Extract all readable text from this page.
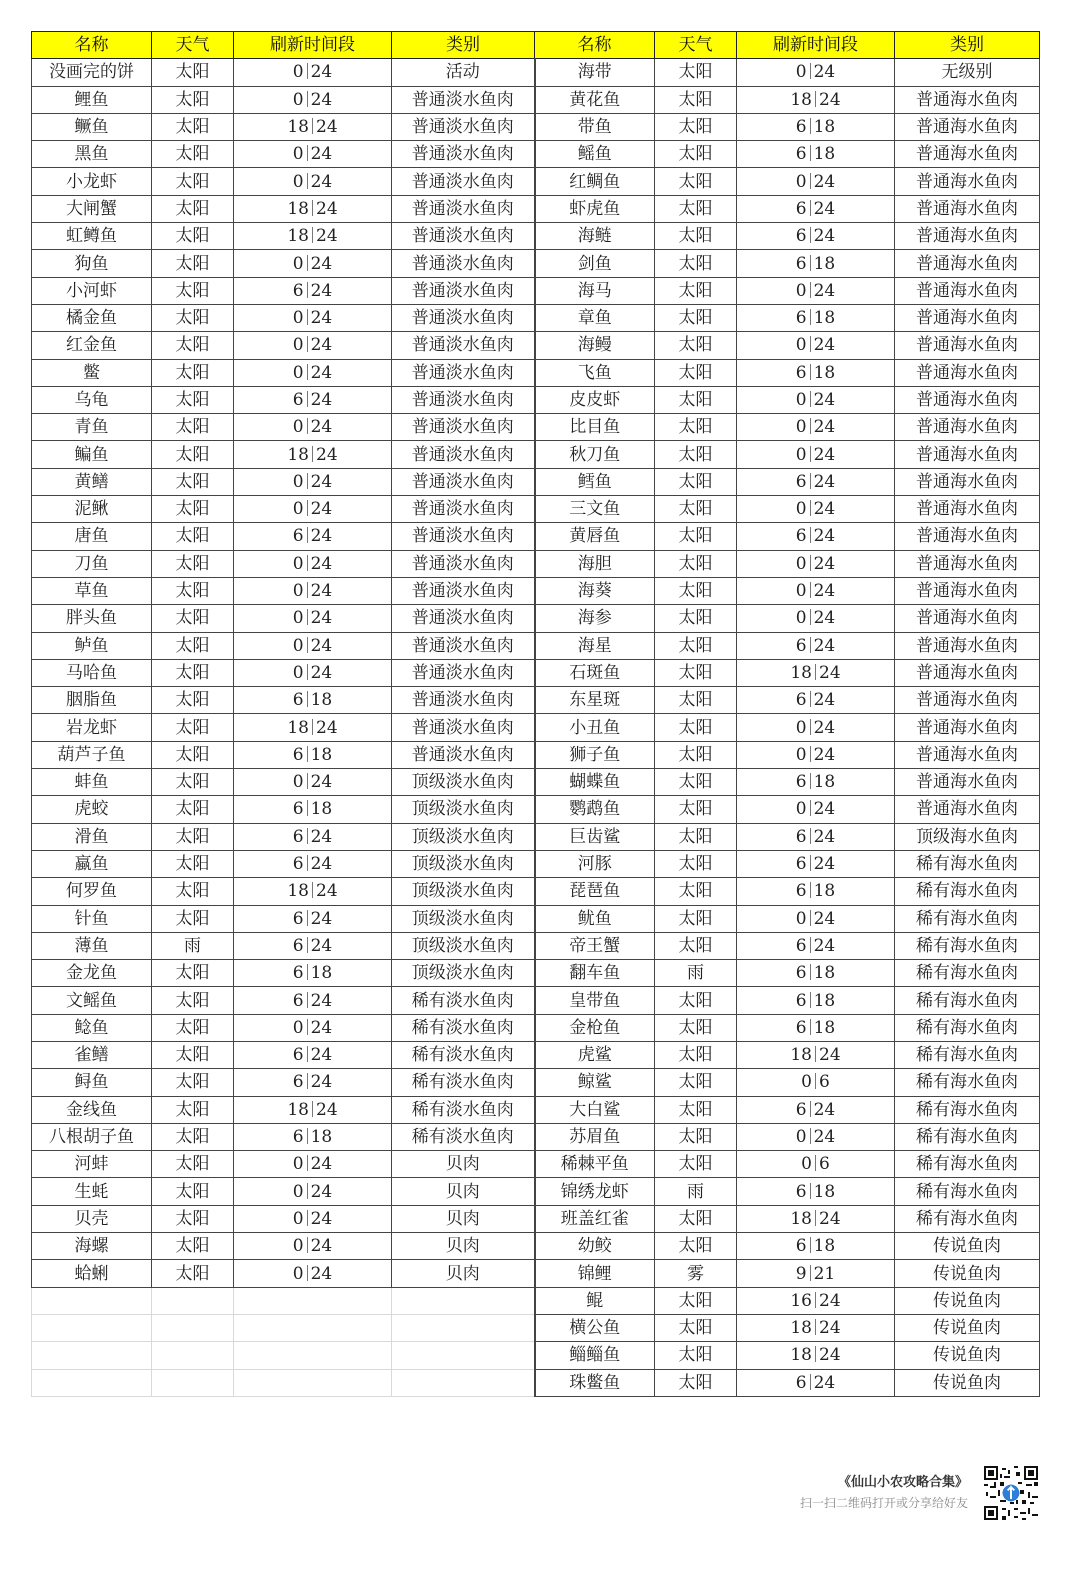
名称	天气	刷新时间段	类别	名称	天气	刷新时间段	类别
没画完的饼	太阳	0 24	活动	海带	太阳	0 24	无级别
鲤鱼	太阳	0 24	普通淡水鱼肉	黄花鱼	太阳	18 24	普通海水鱼肉
鳜鱼	太阳	18 24	普通淡水鱼肉	带鱼	太阳	6 18	普通海水鱼肉
黑鱼	太阳	0 24	普通淡水鱼肉	鳐鱼	太阳	6 18	普通海水鱼肉
小龙虾	太阳	0 24	普通淡水鱼肉	红鲷鱼	太阳	0 24	普通海水鱼肉
大闸蟹	太阳	18 24	普通淡水鱼肉	虾虎鱼	太阳	6 24	普通海水鱼肉
虹鳟鱼	太阳	18 24	普通淡水鱼肉	海鲢	太阳	6 24	普通海水鱼肉
狗鱼	太阳	0 24	普通淡水鱼肉	剑鱼	太阳	6 18	普通海水鱼肉
小河虾	太阳	6 24	普通淡水鱼肉	海马	太阳	0 24	普通海水鱼肉
橘金鱼	太阳	0 24	普通淡水鱼肉	章鱼	太阳	6 18	普通海水鱼肉
红金鱼	太阳	0 24	普通淡水鱼肉	海鳗	太阳	0 24	普通海水鱼肉
鳖	太阳	0 24	普通淡水鱼肉	飞鱼	太阳	6 18	普通海水鱼肉
乌龟	太阳	6 24	普通淡水鱼肉	皮皮虾	太阳	0 24	普通海水鱼肉
青鱼	太阳	0 24	普通淡水鱼肉	比目鱼	太阳	0 24	普通海水鱼肉
鳊鱼	太阳	18 24	普通淡水鱼肉	秋刀鱼	太阳	0 24	普通海水鱼肉
黄鳝	太阳	0 24	普通淡水鱼肉	鳕鱼	太阳	6 24	普通海水鱼肉
泥鳅	太阳	0 24	普通淡水鱼肉	三文鱼	太阳	0 24	普通海水鱼肉
唐鱼	太阳	6 24	普通淡水鱼肉	黄唇鱼	太阳	6 24	普通海水鱼肉
刀鱼	太阳	0 24	普通淡水鱼肉	海胆	太阳	0 24	普通海水鱼肉
草鱼	太阳	0 24	普通淡水鱼肉	海葵	太阳	0 24	普通海水鱼肉
胖头鱼	太阳	0 24	普通淡水鱼肉	海参	太阳	0 24	普通海水鱼肉
鲈鱼	太阳	0 24	普通淡水鱼肉	海星	太阳	6 24	普通海水鱼肉
马哈鱼	太阳	0 24	普通淡水鱼肉	石斑鱼	太阳	18 24	普通海水鱼肉
胭脂鱼	太阳	6 18	普通淡水鱼肉	东星斑	太阳	6 24	普通海水鱼肉
岩龙虾	太阳	18 24	普通淡水鱼肉	小丑鱼	太阳	0 24	普通海水鱼肉
葫芦子鱼	太阳	6 18	普通淡水鱼肉	狮子鱼	太阳	0 24	普通海水鱼肉
蚌鱼	太阳	0 24	顶级淡水鱼肉	蝴蝶鱼	太阳	6 18	普通海水鱼肉
虎蛟	太阳	6 18	顶级淡水鱼肉	鹦鹉鱼	太阳	0 24	普通海水鱼肉
滑鱼	太阳	6 24	顶级淡水鱼肉	巨齿鲨	太阳	6 24	顶级海水鱼肉
蠃鱼	太阳	6 24	顶级淡水鱼肉	河豚	太阳	6 24	稀有海水鱼肉
何罗鱼	太阳	18 24	顶级淡水鱼肉	琵琶鱼	太阳	6 18	稀有海水鱼肉
针鱼	太阳	6 24	顶级淡水鱼肉	鱿鱼	太阳	0 24	稀有海水鱼肉
薄鱼	雨	6 24	顶级淡水鱼肉	帝王蟹	太阳	6 24	稀有海水鱼肉
金龙鱼	太阳	6 18	顶级淡水鱼肉	翻车鱼	雨	6 18	稀有海水鱼肉
文鳐鱼	太阳	6 24	稀有淡水鱼肉	皇带鱼	太阳	6 18	稀有海水鱼肉
鲶鱼	太阳	0 24	稀有淡水鱼肉	金枪鱼	太阳	6 18	稀有海水鱼肉
雀鳝	太阳	6 24	稀有淡水鱼肉	虎鲨	太阳	18 24	稀有海水鱼肉
鲟鱼	太阳	6 24	稀有淡水鱼肉	鲸鲨	太阳	0 6	稀有海水鱼肉
金线鱼	太阳	18 24	稀有淡水鱼肉	大白鲨	太阳	6 24	稀有海水鱼肉
八根胡子鱼	太阳	6 18	稀有淡水鱼肉	苏眉鱼	太阳	0 24	稀有海水鱼肉
河蚌	太阳	0 24	贝肉	稀棘平鱼	太阳	0 6	稀有海水鱼肉
生蚝	太阳	0 24	贝肉	锦绣龙虾	雨	6 18	稀有海水鱼肉
贝壳	太阳	0 24	贝肉	班盖红雀	太阳	18 24	稀有海水鱼肉
海螺	太阳	0 24	贝肉	幼鲛	太阳	6 18	传说鱼肉
蛤蜊	太阳	0 24	贝肉	锦鲤	雾	9 21	传说鱼肉
				鲲	太阳	16 24	传说鱼肉
				横公鱼	太阳	18 24	传说鱼肉
				鲻鲻鱼	太阳	18 24	传说鱼肉
				珠鳖鱼	太阳	6 24	传说鱼肉
《仙山小农攻略合集》
扫一扫二维码打开或分享给好友
